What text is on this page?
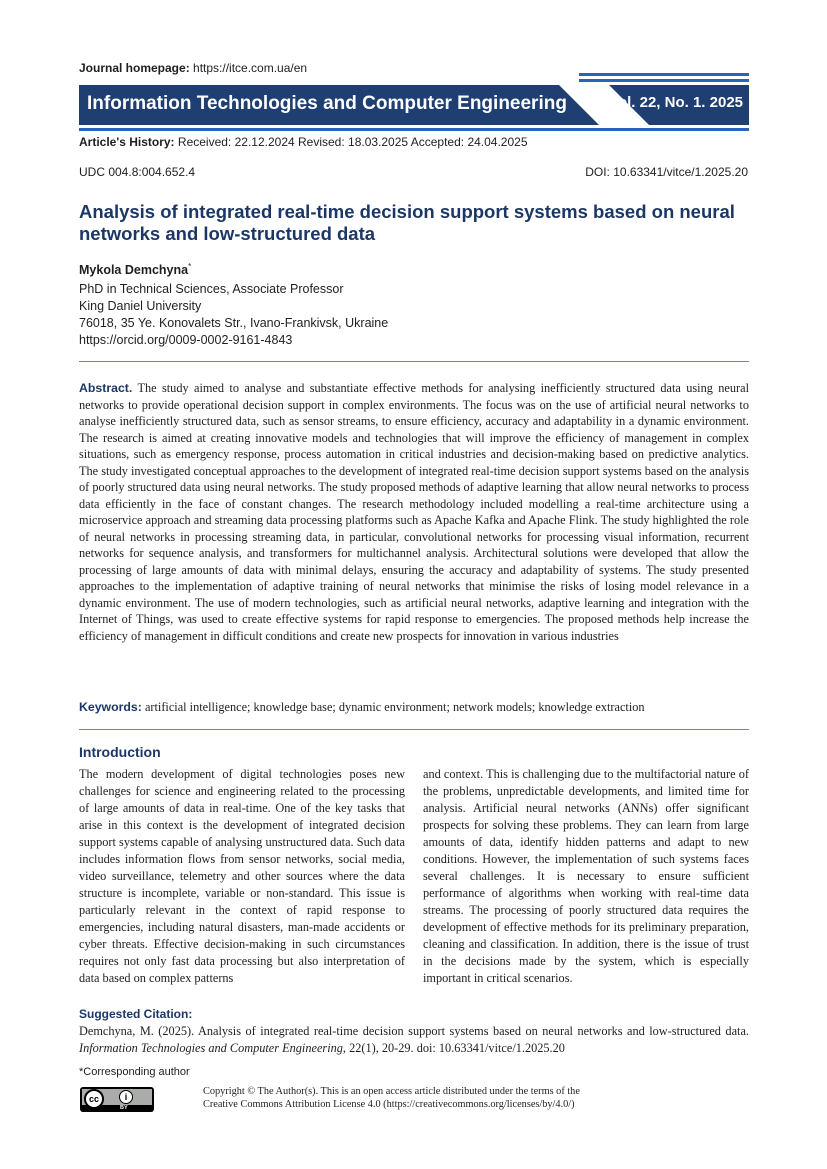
Journal homepage: https://itce.com.ua/en
Information Technologies and Computer Engineering	Vol. 22, No. 1. 2025
Article's History: Received: 22.12.2024 Revised: 18.03.2025 Accepted: 24.04.2025
UDC 004.8:004.652.4	DOI: 10.63341/vitce/1.2025.20
Analysis of integrated real-time decision support systems based on neural networks and low-structured data
Mykola Demchyna*
PhD in Technical Sciences, Associate Professor
King Daniel University
76018, 35 Ye. Konovalets Str., Ivano-Frankivsk, Ukraine
https://orcid.org/0009-0002-9161-4843
Abstract. The study aimed to analyse and substantiate effective methods for analysing inefficiently structured data using neural networks to provide operational decision support in complex environments. The focus was on the use of artificial neural networks to analyse inefficiently structured data, such as sensor streams, to ensure efficiency, accuracy and adaptability in a dynamic environment. The research is aimed at creating innovative models and technologies that will improve the efficiency of management in complex situations, such as emergency response, process automation in critical industries and decision-making based on predictive analytics. The study investigated conceptual approaches to the development of integrated real-time decision support systems based on the analysis of poorly structured data using neural networks. The study proposed methods of adaptive learning that allow neural networks to process data efficiently in the face of constant changes. The research methodology included modelling a real-time architecture using a microservice approach and streaming data processing platforms such as Apache Kafka and Apache Flink. The study highlighted the role of neural networks in processing streaming data, in particular, convolutional networks for processing visual information, recurrent networks for sequence analysis, and transformers for multichannel analysis. Architectural solutions were developed that allow the processing of large amounts of data with minimal delays, ensuring the accuracy and adaptability of systems. The study presented approaches to the implementation of adaptive training of neural networks that minimise the risks of losing model relevance in a dynamic environment. The use of modern technologies, such as artificial neural networks, adaptive learning and integration with the Internet of Things, was used to create effective systems for rapid response to emergencies. The proposed methods help increase the efficiency of management in difficult conditions and create new prospects for innovation in various industries
Keywords: artificial intelligence; knowledge base; dynamic environment; network models; knowledge extraction
Introduction
The modern development of digital technologies poses new challenges for science and engineering related to the processing of large amounts of data in real-time. One of the key tasks that arise in this context is the development of integrated decision support systems capable of analysing unstructured data. Such data includes information flows from sensor networks, social media, video surveillance, telemetry and other sources where the data structure is incomplete, variable or non-standard. This issue is particularly relevant in the context of rapid response to emergencies, including natural disasters, man-made accidents or cyber threats. Effective decision-making in such circumstances requires not only fast data processing but also interpretation of data based on complex patterns
and context. This is challenging due to the multifactorial nature of the problems, unpredictable developments, and limited time for analysis. Artificial neural networks (ANNs) offer significant prospects for solving these problems. They can learn from large amounts of data, identify hidden patterns and adapt to new conditions. However, the implementation of such systems faces several challenges. It is necessary to ensure sufficient performance of algorithms when working with real-time data streams. The processing of poorly structured data requires the development of effective methods for its preliminary preparation, cleaning and classification. In addition, there is the issue of trust in the decisions made by the system, which is especially important in critical scenarios.
Suggested Citation:
Demchyna, M. (2025). Analysis of integrated real-time decision support systems based on neural networks and low-structured data. Information Technologies and Computer Engineering, 22(1), 20-29. doi: 10.63341/vitce/1.2025.20
*Corresponding author
cc	i
BY
Copyright © The Author(s). This is an open access article distributed under the terms of the
Creative Commons Attribution License 4.0 (https://creativecommons.org/licenses/by/4.0/)
